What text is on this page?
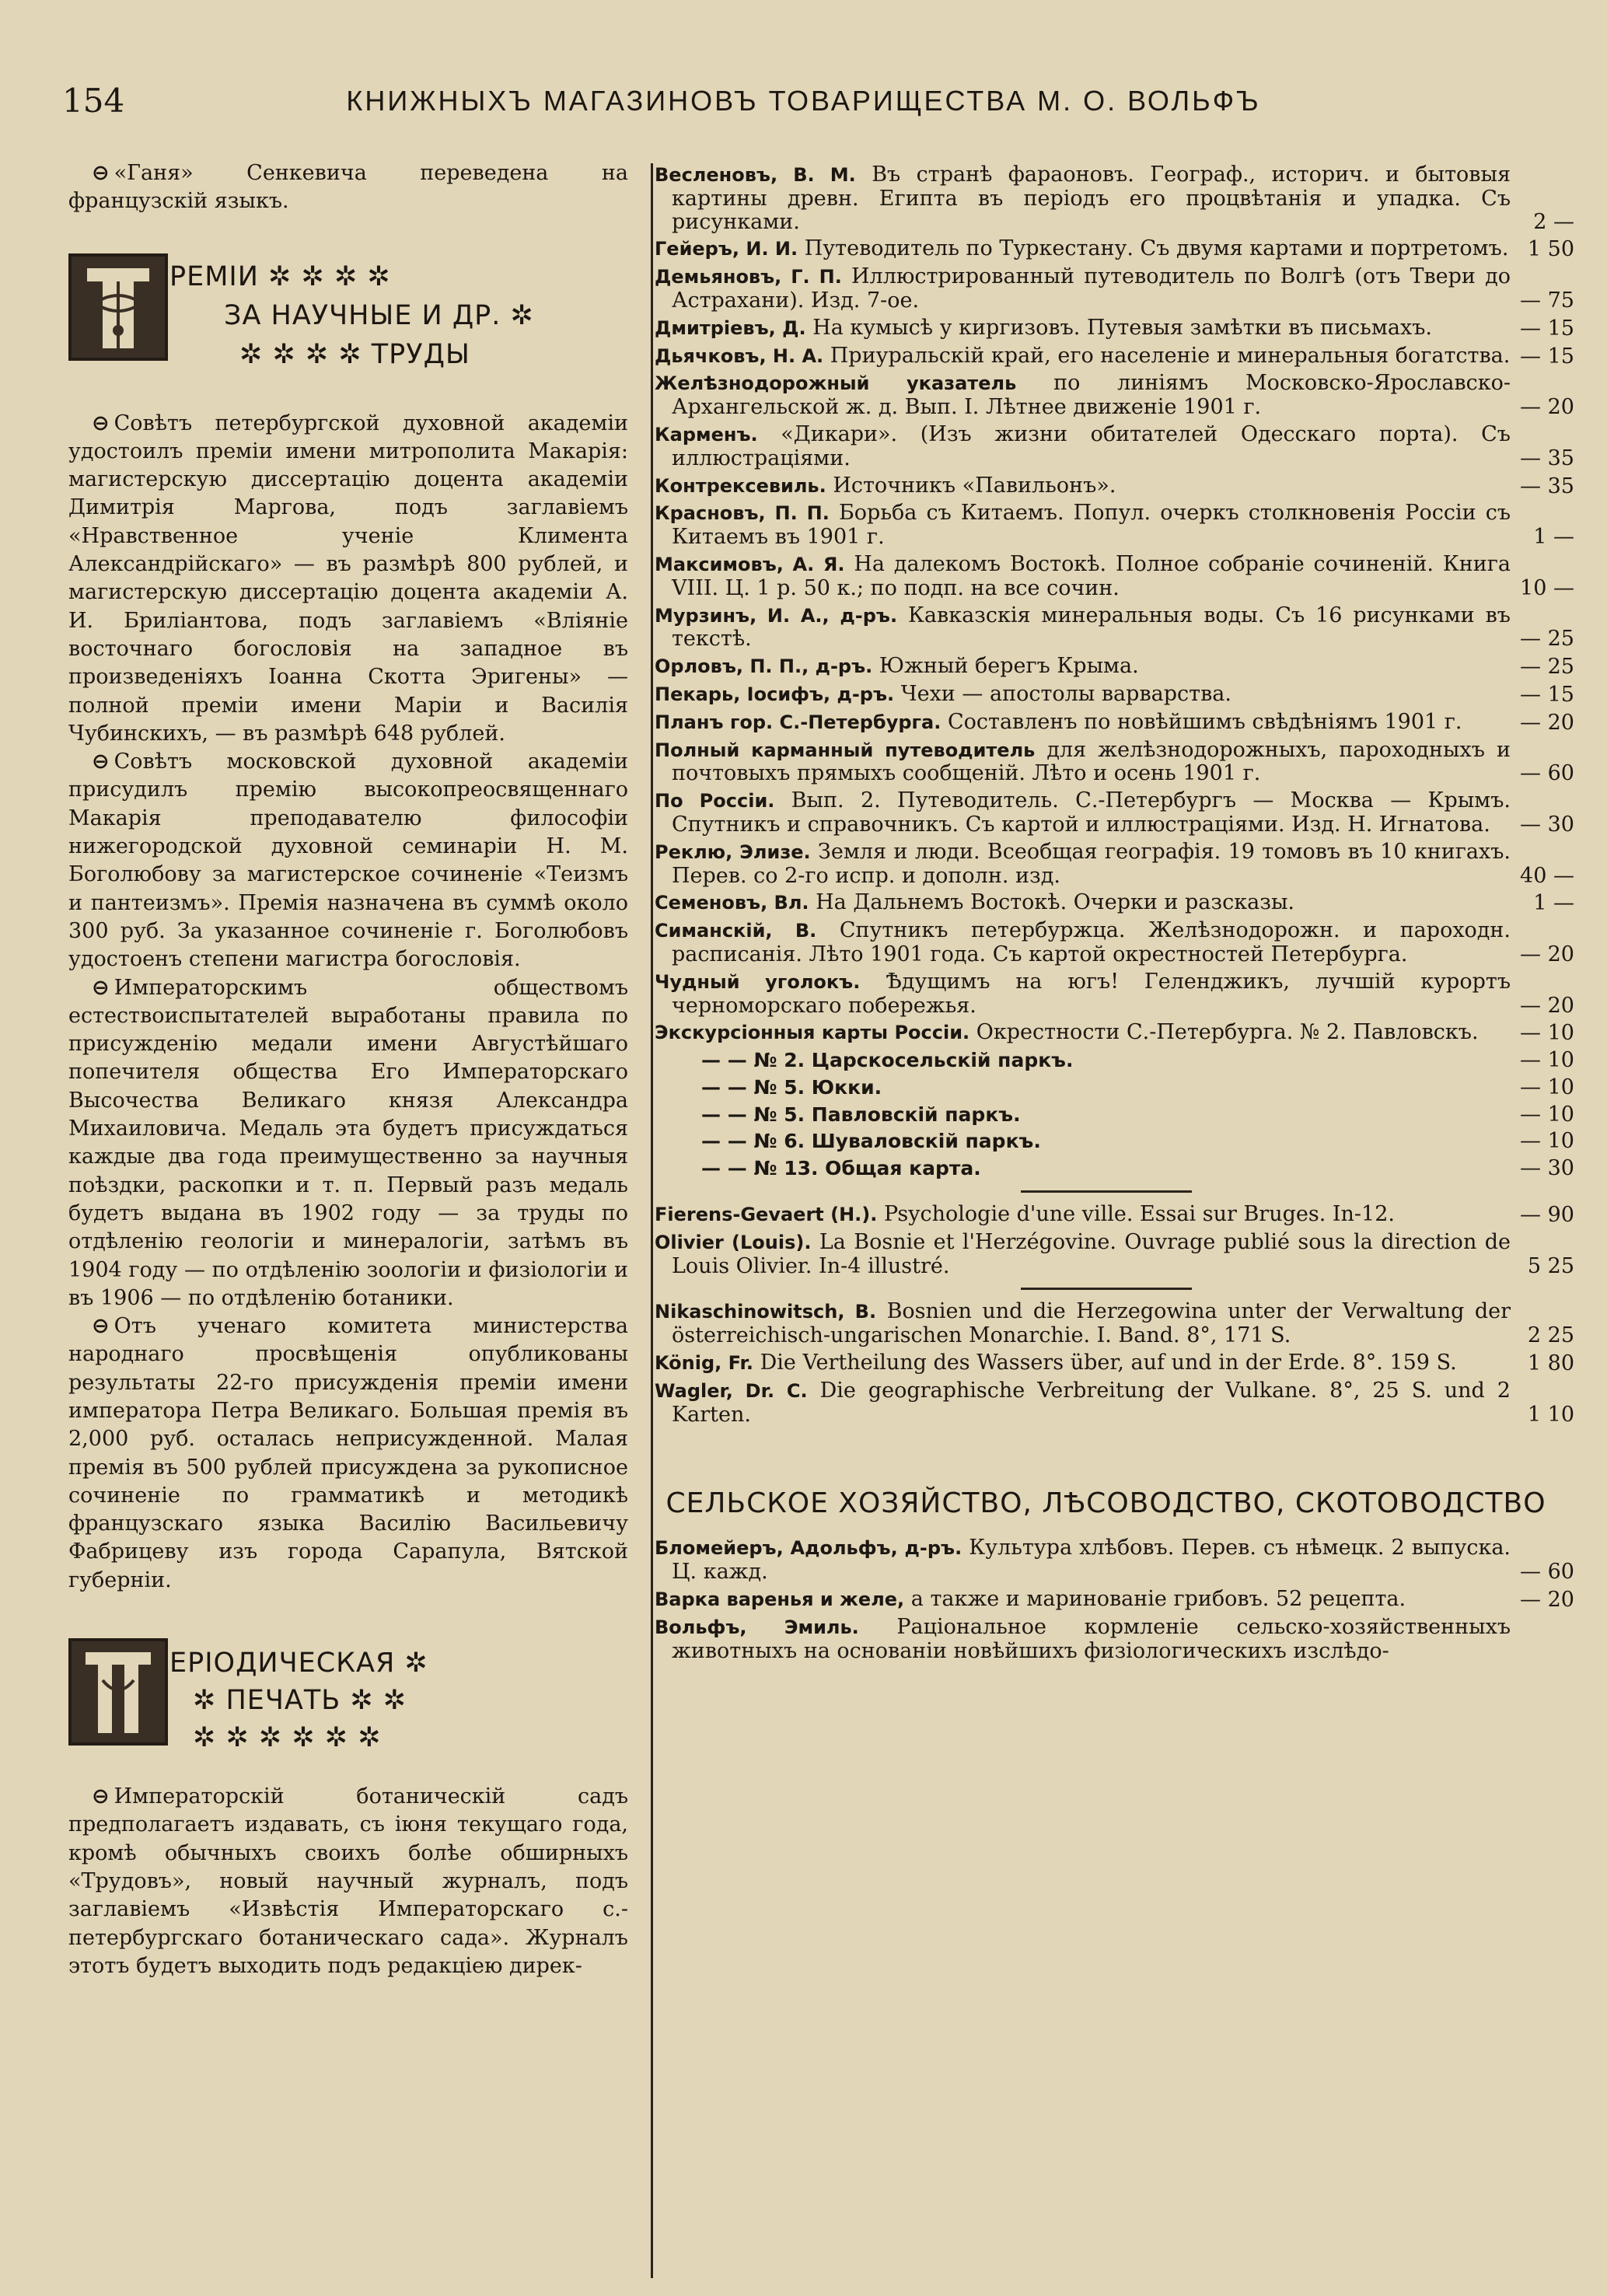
154	КНИЖНЫХЪ МАГАЗИНОВЪ ТОВАРИЩЕСТВА М. О. ВОЛЬФЪ

⊖ «Ганя» Сенкевича переведена на французскій языкъ.

РЕМІИ ✲ ✲ ✲ ✲
ЗА НАУЧНЫЕ И ДР. ✲
✲ ✲ ✲ ✲ ТРУДЫ

⊖ Совѣтъ петербургской духовной академіи удостоилъ преміи имени митрополита Макарія: магистерскую диссертацію доцента академіи Димитрія Маргова, подъ заглавіемъ «Нравственное ученіе Климента Александрійскаго» — въ размѣрѣ 800 рублей, и магистерскую диссертацію доцента академіи А. И. Бриліантова, подъ заглавіемъ «Вліяніе восточнаго богословія на западное въ произведеніяхъ Іоанна Скотта Эригены» — полной преміи имени Маріи и Василія Чубинскихъ, — въ размѣрѣ 648 рублей.

⊖ Совѣтъ московской духовной академіи присудилъ премію высокопреосвященнаго Макарія преподавателю философіи нижегородской духовной семинаріи Н. М. Боголюбову за магистерское сочиненіе «Теизмъ и пантеизмъ». Премія назначена въ суммѣ около 300 руб. За указанное сочиненіе г. Боголюбовъ удостоенъ степени магистра богословія.

⊖ Императорскимъ обществомъ естествоиспытателей выработаны правила по присужденію медали имени Августѣйшаго попечителя общества Его Императорскаго Высочества Великаго князя Александра Михаиловича. Медаль эта будетъ присуждаться каждые два года преимущественно за научныя поѣздки, раскопки и т. п. Первый разъ медаль будетъ выдана въ 1902 году — за труды по отдѣленію геологіи и минералогіи, затѣмъ въ 1904 году — по отдѣленію зоологіи и физіологіи и въ 1906 — по отдѣленію ботаники.

⊖ Отъ ученаго комитета министерства народнаго просвѣщенія опубликованы результаты 22-го присужденія преміи имени императора Петра Великаго. Большая премія въ 2,000 руб. осталась неприсужденной. Малая премія въ 500 рублей присуждена за рукописное сочиненіе по грамматикѣ и методикѣ французскаго языка Василію Васильевичу Фабрицеву изъ города Сарапула, Вятской губерніи.

ЕРІОДИЧЕСКАЯ ✲
✲ ПЕЧАТЬ ✲ ✲
✲ ✲ ✲ ✲ ✲ ✲

⊖ Императорскій ботаническій садъ предполагаетъ издавать, съ іюня текущаго года, кромѣ обычныхъ своихъ болѣе обширныхъ «Трудовъ», новый научный журналъ, подъ заглавіемъ «Извѣстія Императорскаго с.-петербургскаго ботаническаго сада». Журналъ этотъ будетъ выходить подъ редакціею дирек-

Весленовъ, В. М. Въ странѣ фараоновъ. Географ., историч. и бытовыя картины древн. Египта въ періодъ его процвѣтанія и упадка. Съ рисунками.	2 —
Гейеръ, И. И. Путеводитель по Туркестану. Съ двумя картами и портретомъ. 1 50
Демьяновъ, Г. П. Иллюстрированный путеводитель по Волгѣ (отъ Твери до Астрахани). Изд. 7-ое.	— 75
Дмитріевъ, Д. На кумысѣ у киргизовъ. Путевыя замѣтки въ письмахъ.	— 15
Дьячковъ, Н. А. Приуральскій край, его населеніе и минеральныя богатства. — 15
Желѣзнодорожный указатель по линіямъ Московско-Ярославско-Архангельской ж. д. Вып. I. Лѣтнее движеніе 1901 г.	— 20
Карменъ. «Дикари». (Изъ жизни обитателей Одесскаго порта). Съ иллюстраціями.	— 35
Контрексевиль. Источникъ «Павильонъ».	— 35
Красновъ, П. П. Борьба съ Китаемъ. Попул. очеркъ столкновенія Россіи съ Китаемъ въ 1901 г.	1 —
Максимовъ, А. Я. На далекомъ Востокѣ. Полное собраніе сочиненій. Книга VIII. Ц. 1 р. 50 к.; по подп. на все сочин.	10 —
Мурзинъ, И. А., д-ръ. Кавказскія минеральныя воды. Съ 16 рисунками въ текстѣ.	— 25
Орловъ, П. П., д-ръ. Южный берегъ Крыма.	— 25
Пекарь, Іосифъ, д-ръ. Чехи — апостолы варварства.	— 15
Планъ гор. С.-Петербурга. Составленъ по новѣйшимъ свѣдѣніямъ 1901 г.	— 20
Полный карманный путеводитель для желѣзнодорожныхъ, пароходныхъ и почтовыхъ прямыхъ сообщеній. Лѣто и осень 1901 г.	— 60
По Россіи. Вып. 2. Путеводитель. С.-Петербургъ — Москва — Крымъ. Спутникъ и справочникъ. Съ картой и иллюстраціями. Изд. Н. Игнатова.	— 30
Реклю, Элизе. Земля и люди. Всеобщая географія. 19 томовъ въ 10 книгахъ. Перев. со 2-го испр. и дополн. изд.	40 —
Семеновъ, Вл. На Дальнемъ Востокѣ. Очерки и разсказы.	1 —
Симанскій, В. Спутникъ петербуржца. Желѣзнодорожн. и пароходн. расписанія. Лѣто 1901 года. Съ картой окрестностей Петербурга.	— 20
Чудный уголокъ. Ѣдущимъ на югъ! Геленджикъ, лучшій курортъ черноморскаго побережья.	— 20
Экскурсіонныя карты Россіи. Окрестности С.-Петербурга. № 2. Павловскъ.	— 10
— — № 2. Царскосельскій паркъ.	— 10
— — № 5. Юкки.	— 10
— — № 5. Павловскій паркъ.	— 10
— — № 6. Шуваловскій паркъ.	— 10
— — № 13. Общая карта.	— 30
Fierens-Gevaert (H.). Psychologie d'une ville. Essai sur Bruges. In-12.	— 90
Olivier (Louis). La Bosnie et l'Herzégovine. Ouvrage publié sous la direction de Louis Olivier. In-4 illustré.	5 25
Nikaschinowitsch, B. Bosnien und die Herzegowina unter der Verwaltung der österreichisch-ungarischen Monarchie. I. Band. 8°, 171 S.	2 25
König, Fr. Die Vertheilung des Wassers über, auf und in der Erde. 8°. 159 S.	1 80
Wagler, Dr. C. Die geographische Verbreitung der Vulkane. 8°, 25 S. und 2 Karten.	1 10
СЕЛЬСКОЕ ХОЗЯЙСТВО, ЛѢСОВОДСТВО, СКОТОВОДСТВО
Бломейеръ, Адольфъ, д-ръ. Культура хлѣбовъ. Перев. съ нѣмецк. 2 выпуска. Ц. кажд.	— 60
Варка варенья и желе, а также и маринованіе грибовъ. 52 рецепта.	— 20
Вольфъ, Эмиль. Раціональное кормленіе сельско-хозяйственныхъ животныхъ на основаніи новѣйшихъ физіологическихъ изслѣдо-
